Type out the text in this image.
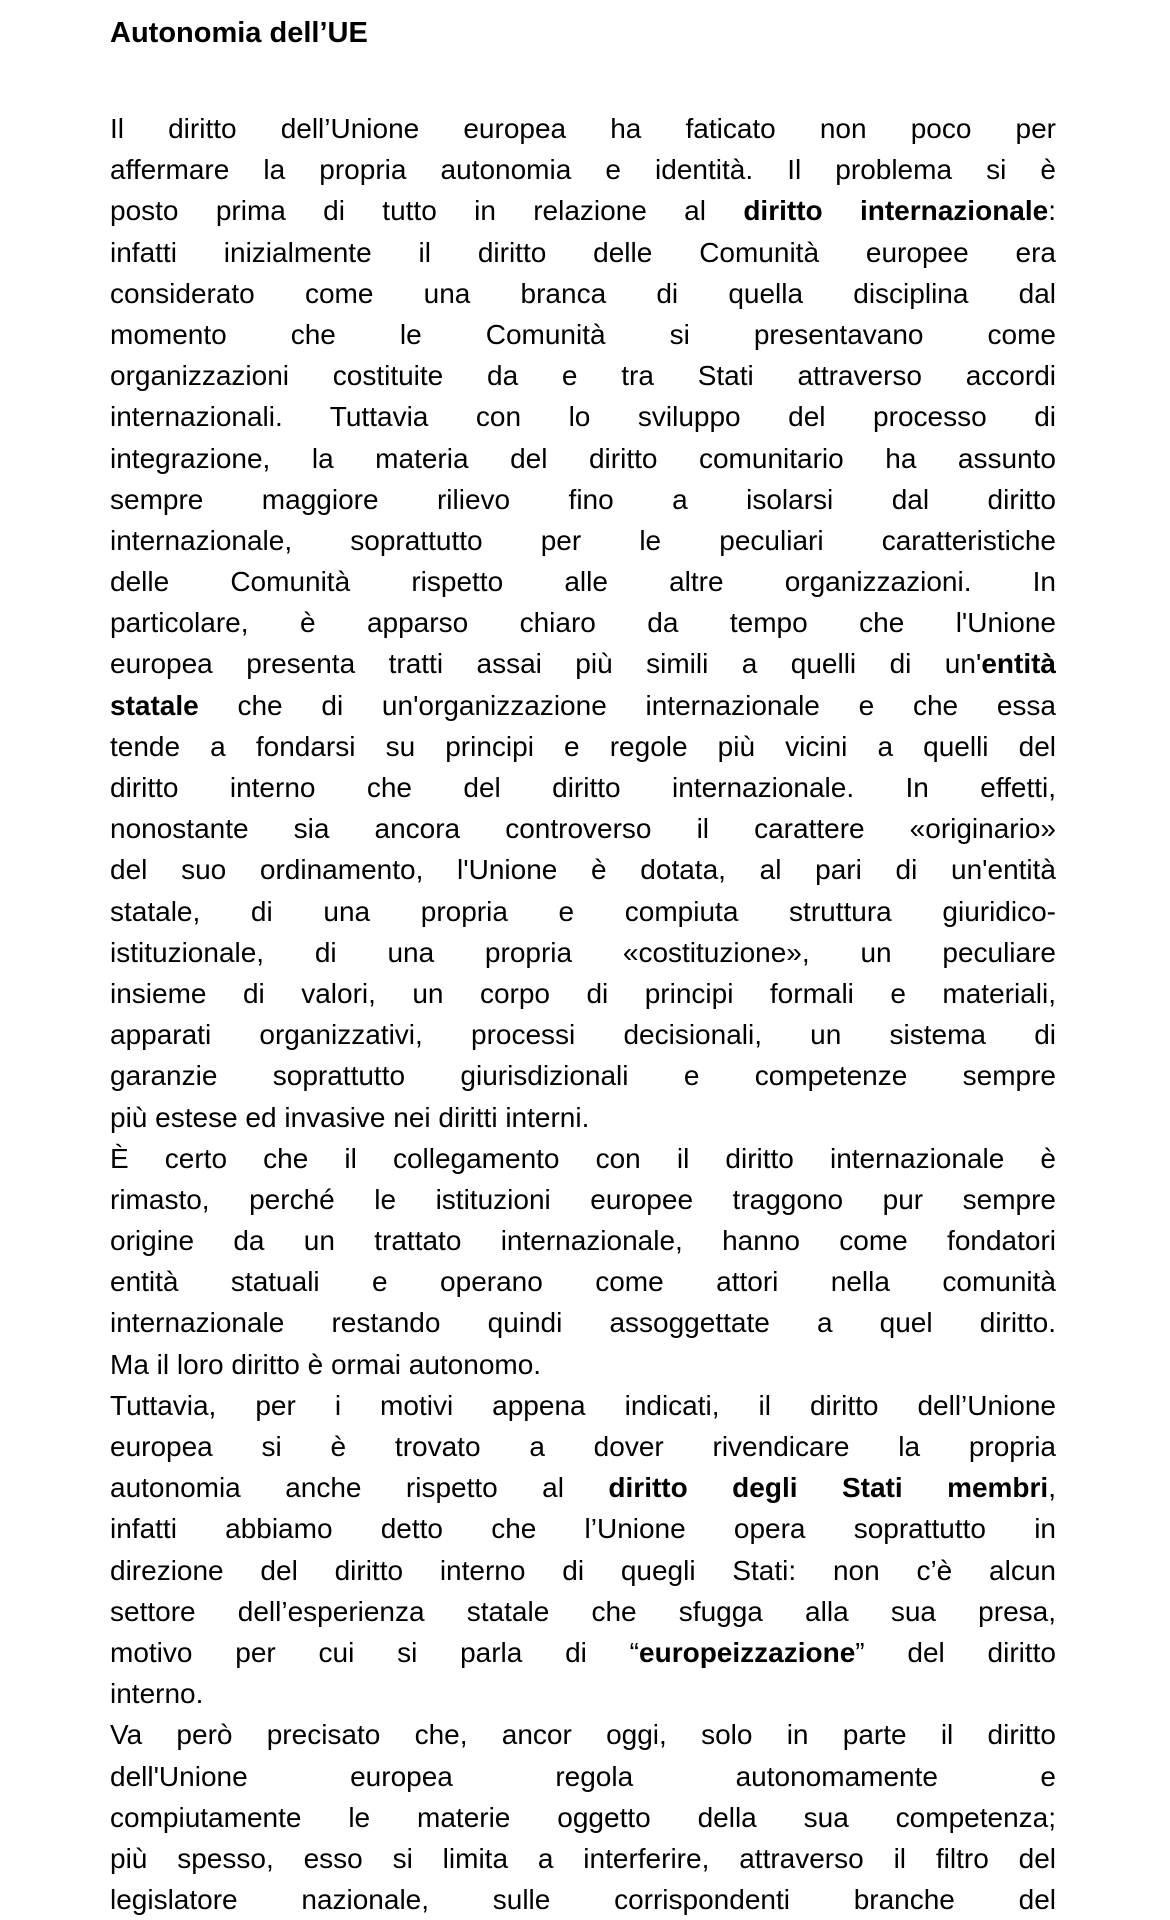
Autonomia dell’UE
Il diritto dell’Unione europea ha faticato non poco per
affermare la propria autonomia e identità. Il problema si è
posto prima di tutto in relazione al diritto internazionale:
infatti inizialmente il diritto delle Comunità europee era
considerato come una branca di quella disciplina dal
momento che le Comunità si presentavano come
organizzazioni costituite da e tra Stati attraverso accordi
internazionali. Tuttavia con lo sviluppo del processo di
integrazione, la materia del diritto comunitario ha assunto
sempre maggiore rilievo fino a isolarsi dal diritto
internazionale, soprattutto per le peculiari caratteristiche
delle Comunità rispetto alle altre organizzazioni. In
particolare, è apparso chiaro da tempo che l'Unione
europea presenta tratti assai più simili a quelli di un'entità
statale che di un'organizzazione internazionale e che essa
tende a fondarsi su principi e regole più vicini a quelli del
diritto interno che del diritto internazionale. In effetti,
nonostante sia ancora controverso il carattere «originario»
del suo ordinamento, l'Unione è dotata, al pari di un'entità
statale, di una propria e compiuta struttura giuridico-
istituzionale, di una propria «costituzione», un peculiare
insieme di valori, un corpo di principi formali e materiali,
apparati organizzativi, processi decisionali, un sistema di
garanzie soprattutto giurisdizionali e competenze sempre
più estese ed invasive nei diritti interni.
È certo che il collegamento con il diritto internazionale è
rimasto, perché le istituzioni europee traggono pur sempre
origine da un trattato internazionale, hanno come fondatori
entità statuali e operano come attori nella comunità
internazionale restando quindi assoggettate a quel diritto.
Ma il loro diritto è ormai autonomo.
Tuttavia, per i motivi appena indicati, il diritto dell’Unione
europea si è trovato a dover rivendicare la propria
autonomia anche rispetto al diritto degli Stati membri,
infatti abbiamo detto che l’Unione opera soprattutto in
direzione del diritto interno di quegli Stati: non c’è alcun
settore dell’esperienza statale che sfugga alla sua presa,
motivo per cui si parla di “europeizzazione” del diritto
interno.
Va però precisato che, ancor oggi, solo in parte il diritto
dell'Unione europea regola autonomamente e
compiutamente le materie oggetto della sua competenza;
più spesso, esso si limita a interferire, attraverso il filtro del
legislatore nazionale, sulle corrispondenti branche del
